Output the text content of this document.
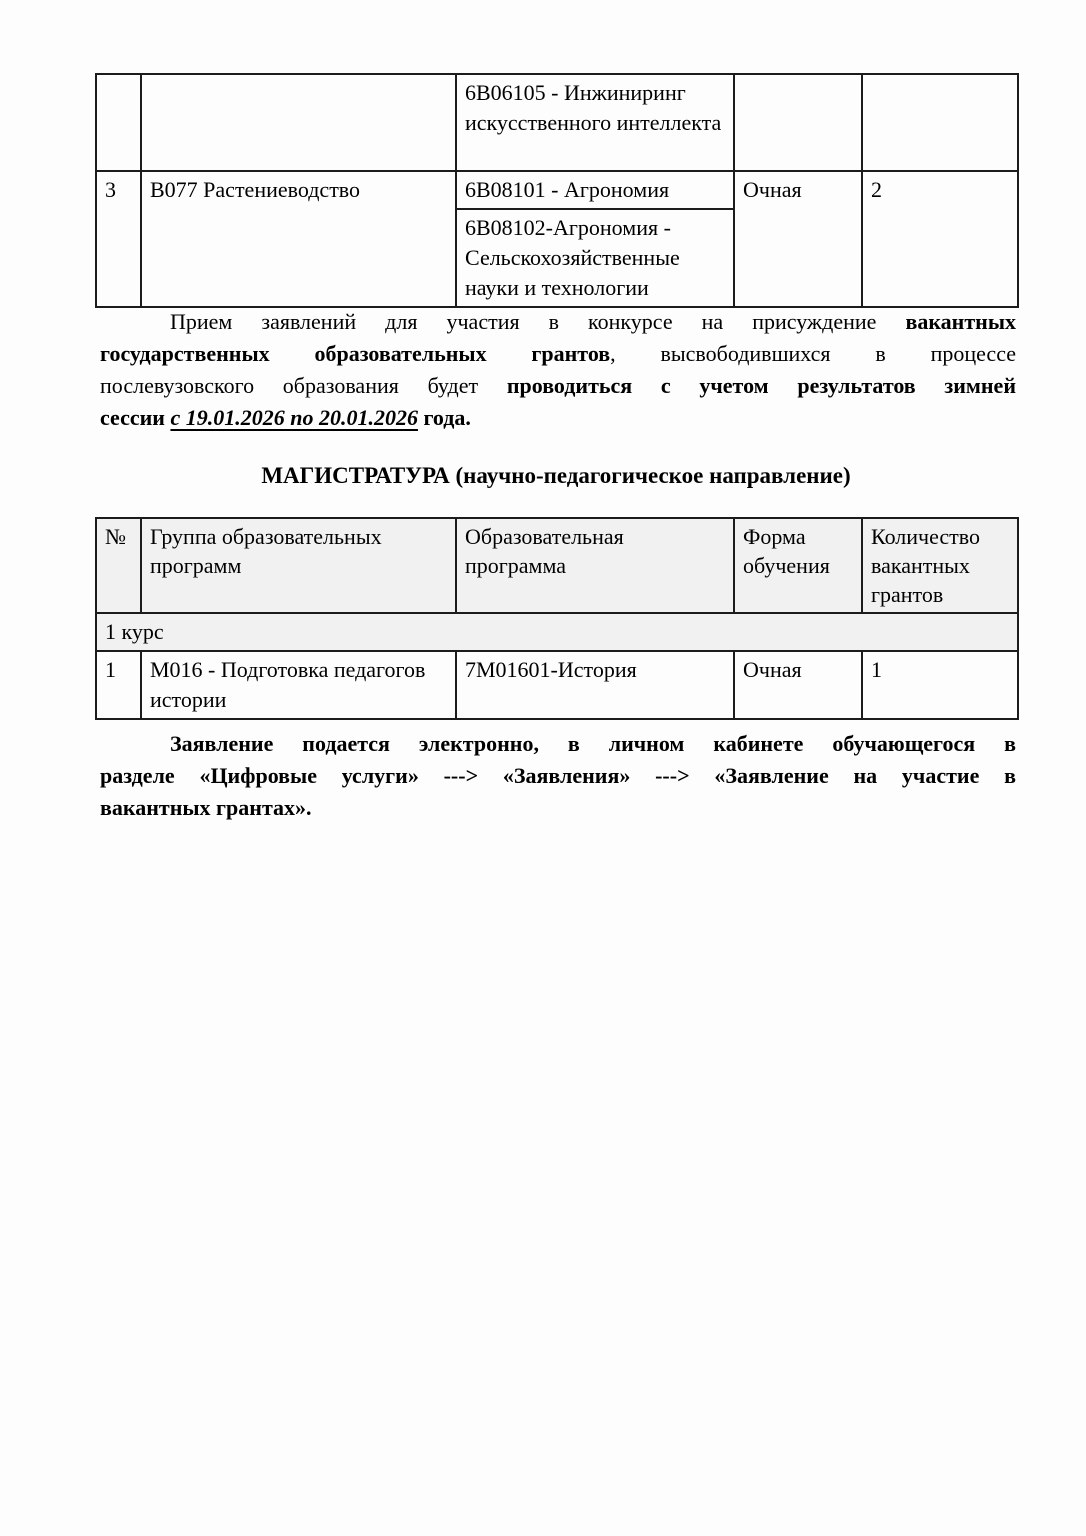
		6В06105 - Инжиниринг искусственного интеллекта		
3	В077 Растениеводство	6В08101 - Агрономия	Очная	2
		6В08102-Агрономия - Сельскохозяйственные науки и технологии		
Прием заявлений для участия в конкурсе на присуждение вакантных
государственных образовательных грантов, высвободившихся в процессе
послевузовского образования будет проводиться с учетом результатов зимней
сессии с 19.01.2026 по 20.01.2026 года.
МАГИСТРАТУРА (научно-педагогическое направление)
№	Группа образовательных программ	Образовательная программа	Форма обучения	Количество вакантных грантов
1 курс				
1	М016 - Подготовка педагогов истории	7М01601-История	Очная	1
Заявление подается электронно, в личном кабинете обучающегося в
разделе «Цифровые услуги» ---> «Заявления» ---> «Заявление на участие в
вакантных грантах».
